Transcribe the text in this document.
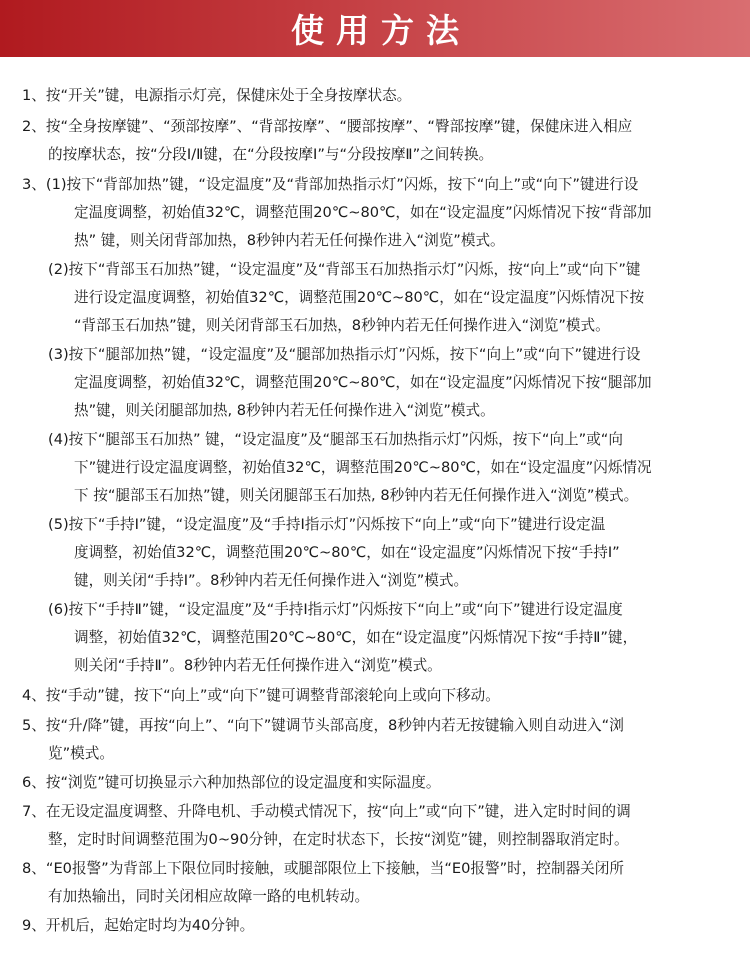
使用方法
1、按“开关”键，电源指示灯亮，保健床处于全身按摩状态。
2、按“全身按摩键”、“颈部按摩”、“背部按摩”、“腰部按摩”、“臀部按摩”键，保健床进入相应
的按摩状态，按“分段Ⅰ/Ⅱ键，在“分段按摩Ⅰ”与“分段按摩Ⅱ”之间转换。
3、(1)按下“背部加热”键，“设定温度”及“背部加热指示灯”闪烁，按下“向上”或“向下”键进行设
定温度调整，初始值32℃，调整范围20℃~80℃，如在“设定温度”闪烁情况下按“背部加
热” 键，则关闭背部加热，8秒钟内若无任何操作进入“浏览”模式。
(2)按下“背部玉石加热”键，“设定温度”及“背部玉石加热指示灯”闪烁，按“向上”或“向下”键
进行设定温度调整，初始值32℃，调整范围20℃~80℃，如在“设定温度”闪烁情况下按
“背部玉石加热”键，则关闭背部玉石加热，8秒钟内若无任何操作进入“浏览”模式。
(3)按下“腿部加热”键，“设定温度”及“腿部加热指示灯”闪烁，按下“向上”或“向下”键进行设
定温度调整，初始值32℃，调整范围20℃~80℃，如在“设定温度”闪烁情况下按“腿部加
热”键，则关闭腿部加热, 8秒钟内若无任何操作进入“浏览”模式。
(4)按下“腿部玉石加热” 键，“设定温度”及“腿部玉石加热指示灯”闪烁，按下“向上”或“向
下”键进行设定温度调整，初始值32℃，调整范围20℃~80℃，如在“设定温度”闪烁情况
下 按“腿部玉石加热”键，则关闭腿部玉石加热, 8秒钟内若无任何操作进入“浏览”模式。
(5)按下“手持Ⅰ”键，“设定温度”及“手持Ⅰ指示灯”闪烁按下“向上”或“向下”键进行设定温
度调整，初始值32℃，调整范围20℃~80℃，如在“设定温度”闪烁情况下按“手持Ⅰ”
键，则关闭“手持Ⅰ”。8秒钟内若无任何操作进入“浏览”模式。
(6)按下“手持Ⅱ”键，“设定温度”及“手持Ⅰ指示灯”闪烁按下“向上”或“向下”键进行设定温度
调整，初始值32℃，调整范围20℃~80℃，如在“设定温度”闪烁情况下按“手持Ⅱ”键，
则关闭“手持Ⅱ”。8秒钟内若无任何操作进入“浏览”模式。
4、按“手动”键，按下“向上”或“向下”键可调整背部滚轮向上或向下移动。
5、按“升/降”键，再按“向上”、“向下”键调节头部高度，8秒钟内若无按键输入则自动进入“浏
览”模式。
6、按“浏览”键可切换显示六种加热部位的设定温度和实际温度。
7、在无设定温度调整、升降电机、手动模式情况下，按“向上”或“向下”键，进入定时时间的调
整，定时时间调整范围为0~90分钟，在定时状态下，长按“浏览”键，则控制器取消定时。
8、“E0报警”为背部上下限位同时接触，或腿部限位上下接触，当“E0报警”时，控制器关闭所
有加热输出，同时关闭相应故障一路的电机转动。
9、开机后，起始定时均为40分钟。
